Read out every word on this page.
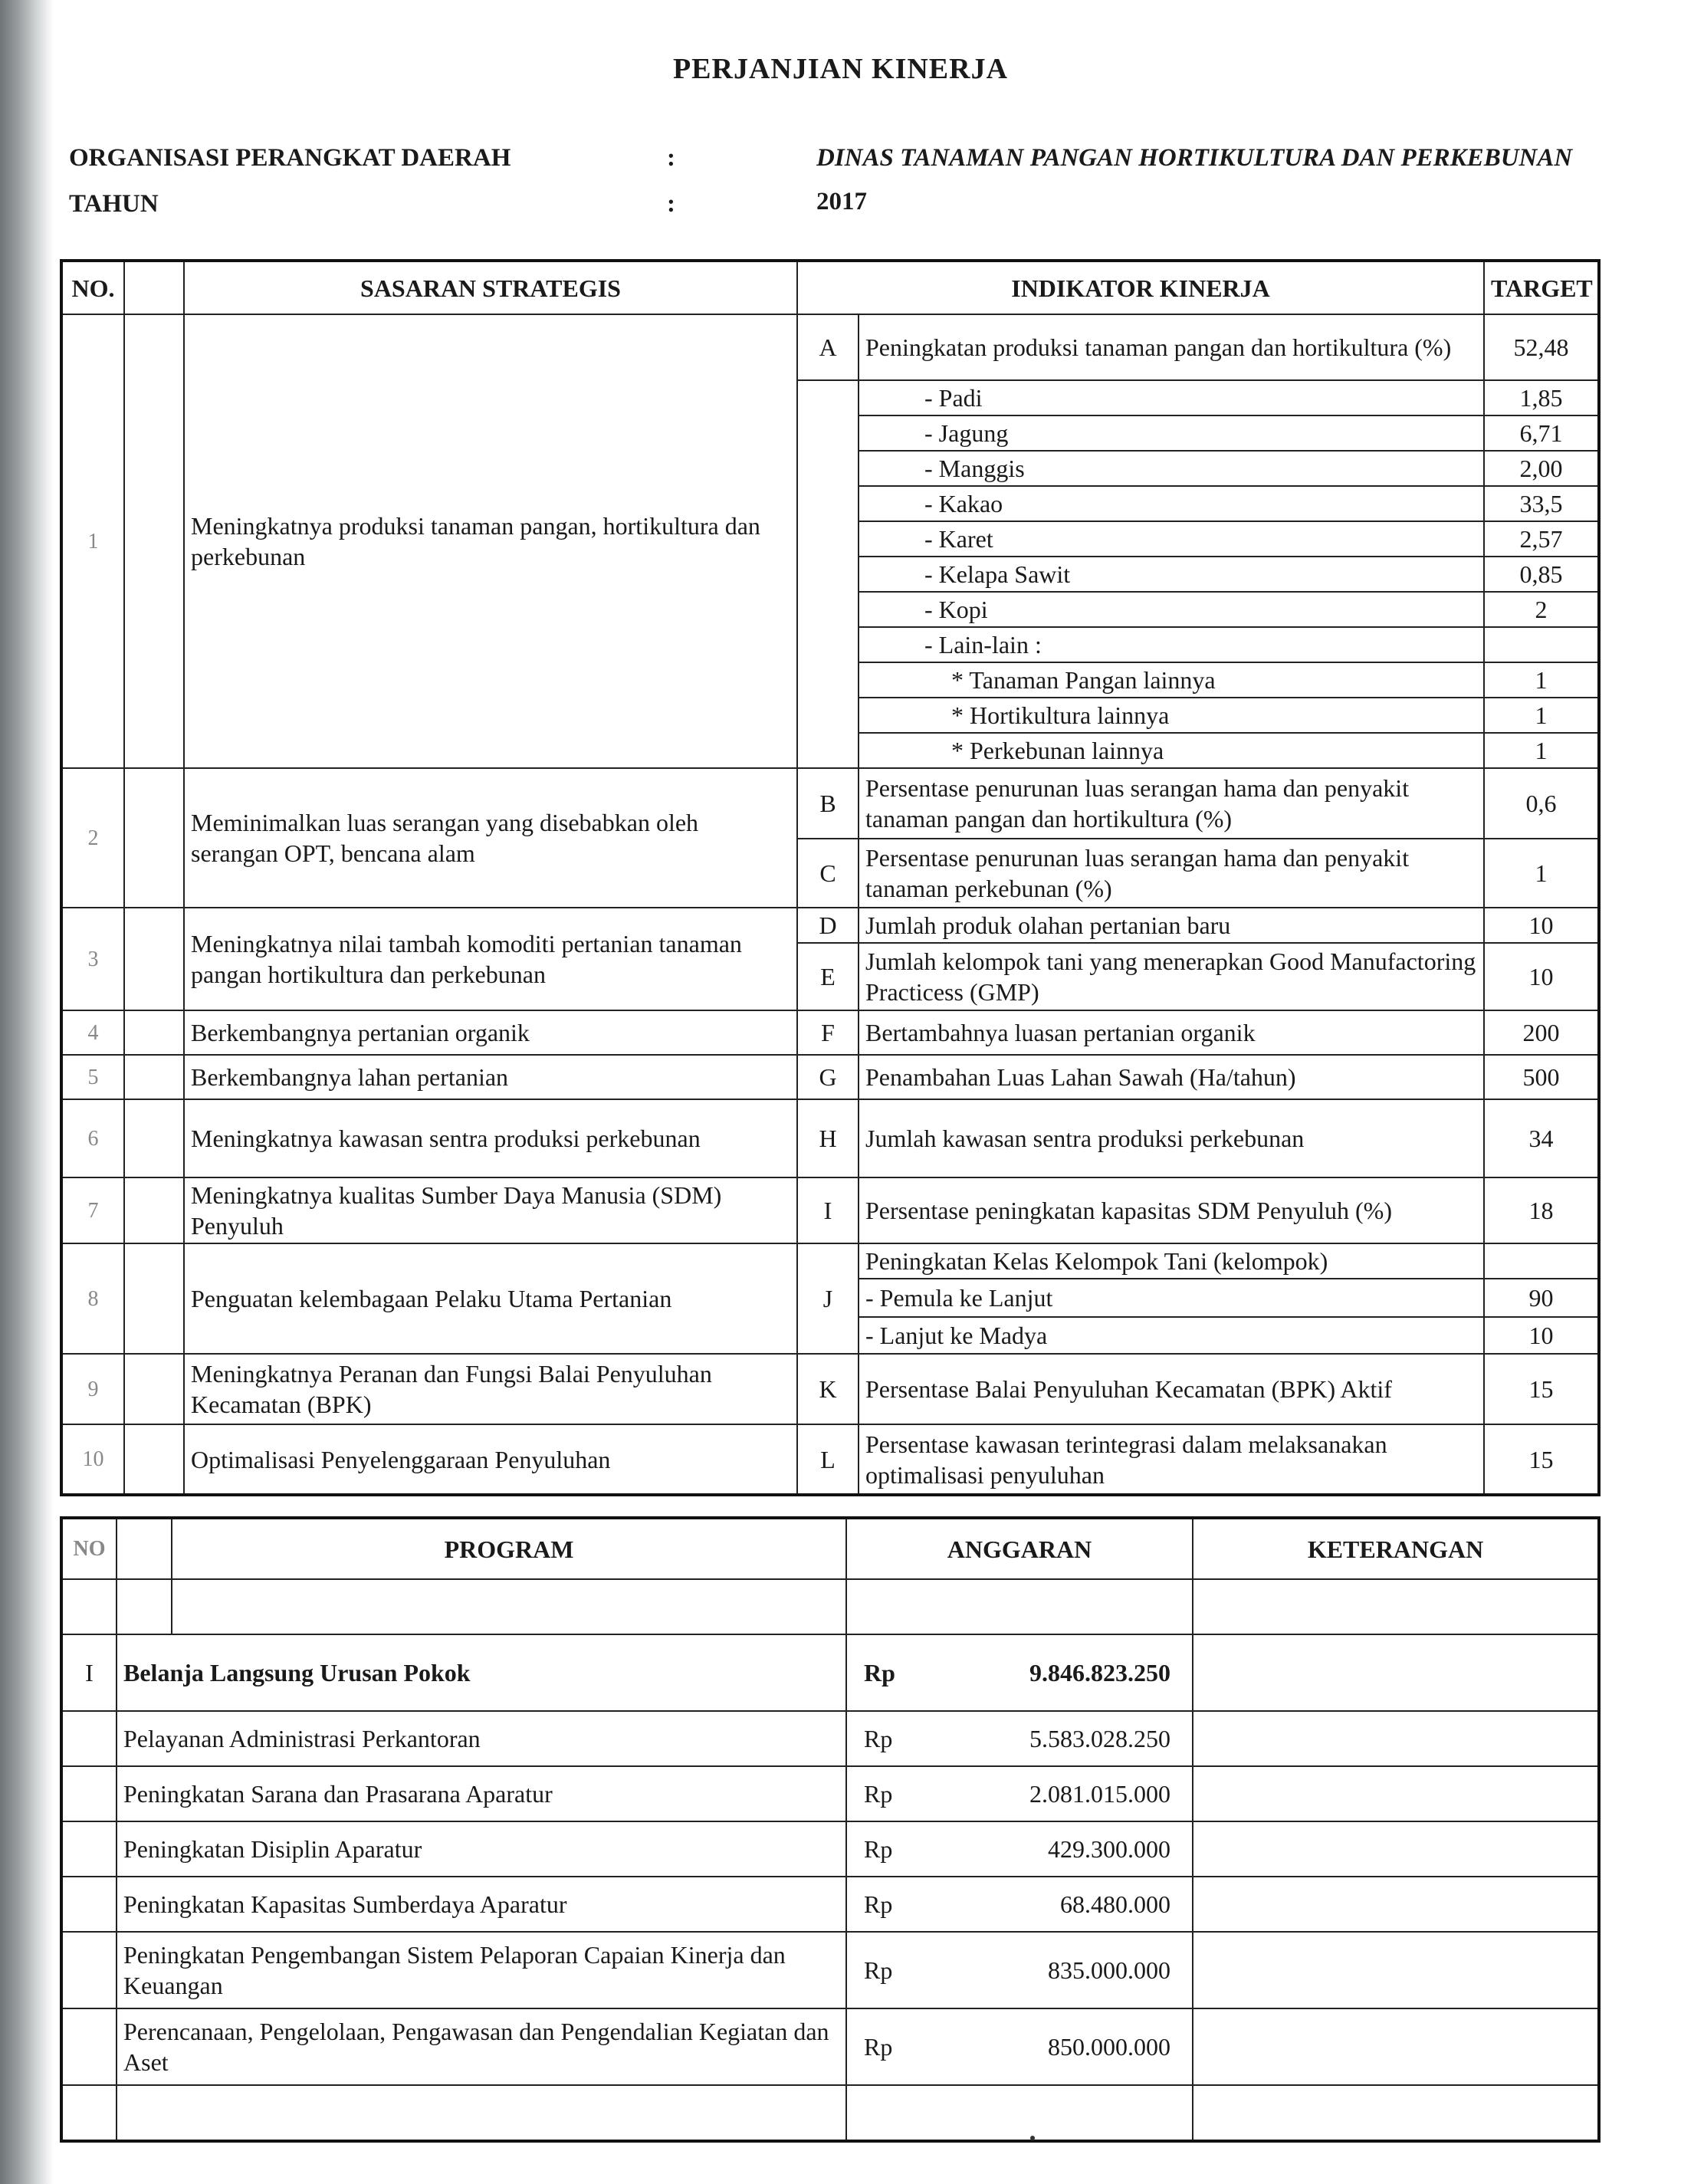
PERJANJIAN KINERJA
ORGANISASI PERANGKAT DAERAH	:	DINAS TANAMAN PANGAN HORTIKULTURA DAN PERKEBUNAN
TAHUN	:	2017
NO.		SASARAN STRATEGIS	INDIKATOR KINERJA		TARGET
1		Meningkatnya produksi tanaman pangan, hortikultura dan perkebunan	A	Peningkatan produksi tanaman pangan dan hortikultura (%)	52,48
				- Padi	1,85
				- Jagung	6,71
				- Manggis	2,00
				- Kakao	33,5
				- Karet	2,57
				- Kelapa Sawit	0,85
				- Kopi	2
				- Lain-lain :	
				* Tanaman Pangan lainnya	1
				* Hortikultura lainnya	1
				* Perkebunan lainnya	1
2		Meminimalkan luas serangan yang disebabkan oleh serangan OPT, bencana alam	B	Persentase penurunan luas serangan hama dan penyakit tanaman pangan dan hortikultura (%)	0,6
			C	Persentase penurunan luas serangan hama dan penyakit tanaman perkebunan (%)	1
3		Meningkatnya nilai tambah komoditi pertanian tanaman pangan hortikultura dan perkebunan	D	Jumlah produk olahan pertanian baru	10
			E	Jumlah kelompok tani yang menerapkan Good Manufactoring Practicess (GMP)	10
4		Berkembangnya pertanian organik	F	Bertambahnya luasan pertanian organik	200
5		Berkembangnya lahan pertanian	G	Penambahan Luas Lahan Sawah (Ha/tahun)	500
6		Meningkatnya kawasan sentra produksi perkebunan	H	Jumlah kawasan sentra produksi perkebunan	34
7		Meningkatnya kualitas Sumber Daya Manusia (SDM) Penyuluh	I	Persentase peningkatan kapasitas SDM Penyuluh (%)	18
8		Penguatan kelembagaan Pelaku Utama Pertanian	J	Peningkatan Kelas Kelompok Tani (kelompok)	
				- Pemula ke Lanjut	90
				- Lanjut ke Madya	10
9		Meningkatnya Peranan dan Fungsi Balai Penyuluhan Kecamatan (BPK)	K	Persentase Balai Penyuluhan Kecamatan (BPK) Aktif	15
10		Optimalisasi Penyelenggaraan Penyuluhan	L	Persentase kawasan terintegrasi dalam melaksanakan optimalisasi penyuluhan	15
NO		PROGRAM	ANGGARAN	KETERANGAN

I	Belanja Langsung Urusan Pokok		Rp 9.846.823.250	

	Pelayanan Administrasi Perkantoran		Rp 5.583.028.250	

	Peningkatan Sarana dan Prasarana Aparatur		Rp 2.081.015.000	

	Peningkatan Disiplin Aparatur		Rp 429.300.000	

	Peningkatan Kapasitas Sumberdaya Aparatur		Rp 68.480.000	

	Peningkatan Pengembangan Sistem Pelaporan Capaian Kinerja dan Keuangan		Rp 835.000.000	

	Perencanaan, Pengelolaan, Pengawasan dan Pengendalian Kegiatan dan Aset		Rp 850.000.000	
